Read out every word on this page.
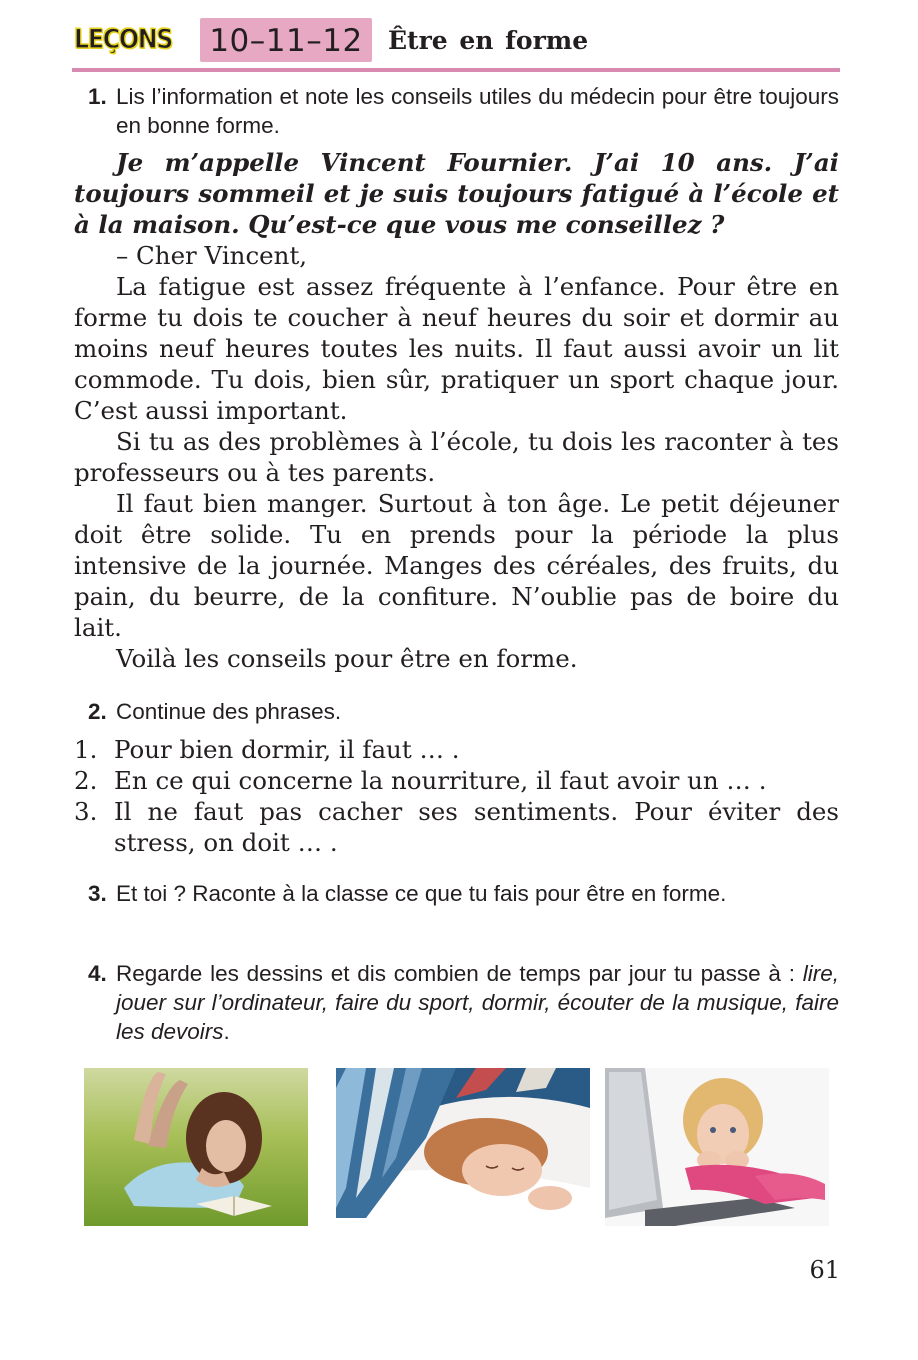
LEÇONS	10–11–12	Être en forme
1. Lis l’information et note les conseils utiles du médecin pour être toujours en bonne forme.

Je m’appelle Vincent Fournier. J’ai 10 ans. J’ai toujours sommeil et je suis toujours fatigué à l’école et à la maison. Qu’est-ce que vous me conseillez ?

– Cher Vincent,

La fatigue est assez fréquente à l’enfance. Pour être en forme tu dois te coucher à neuf heures du soir et dormir au moins neuf heures toutes les nuits. Il faut aussi avoir un lit commode. Tu dois, bien sûr, pratiquer un sport chaque jour. C’est aussi important.

Si tu as des problèmes à l’école, tu dois les raconter à tes professeurs ou à tes parents.

Il faut bien manger. Surtout à ton âge. Le petit déjeuner doit être solide. Tu en prends pour la période la plus intensive de la journée. Manges des céréales, des fruits, du pain, du beurre, de la confiture. N’oublie pas de boire du lait.

Voilà les conseils pour être en forme.

2. Continue des phrases.
1. Pour bien dormir, il faut … .
2. En ce qui concerne la nourriture, il faut avoir un … .
3. Il ne faut pas cacher ses sentiments. Pour éviter des stress, on doit … .
3. Et toi ? Raconte à la classe ce que tu fais pour être en forme.
4. Regarde les dessins et dis combien de temps par jour tu passe à : lire, jouer sur l’ordinateur, faire du sport, dormir, écouter de la musique, faire les devoirs.
61
